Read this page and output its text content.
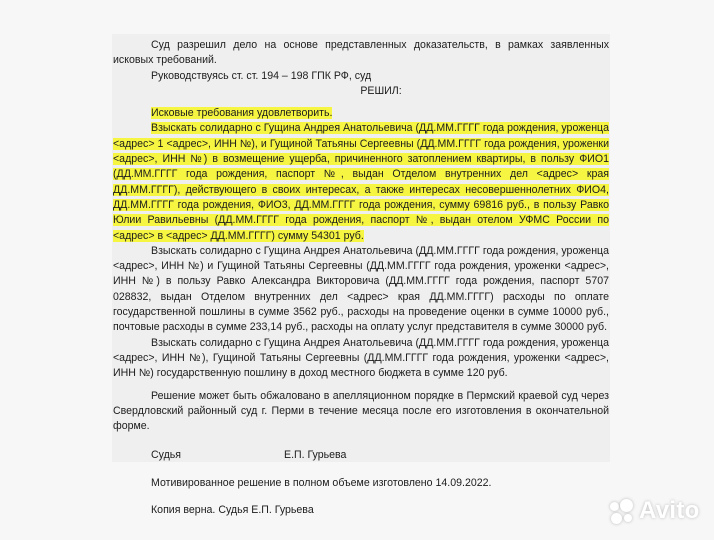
Суд разрешил дело на основе представленных доказательств, в рамках заявленных исковых требований.

Руководствуясь ст. ст. 194 – 198 ГПК РФ, суд

РЕШИЛ:

Исковые требования удовлетворить.

Взыскать солидарно с Гущина Андрея Анатольевича (ДД.ММ.ГГГГ года рождения, уроженца <адрес> 1 <адрес>, ИНН №), и Гущиной Татьяны Сергеевны (ДД.ММ.ГГГГ года рождения, уроженки <адрес>, ИНН №) в возмещение ущерба, причиненного затоплением квартиры, в пользу ФИО1 (ДД.ММ.ГГГГ года рождения, паспорт №, выдан Отделом внутренних дел <адрес> края ДД.ММ.ГГГГ), действующего в своих интересах, а также интересах несовершеннолетних ФИО4, ДД.ММ.ГГГГ года рождения, ФИО3, ДД.ММ.ГГГГ года рождения, сумму 69816 руб., в пользу Равко Юлии Равильевны (ДД.ММ.ГГГГ года рождения, паспорт №, выдан отелом УФМС России по <адрес> в <адрес> ДД.ММ.ГГГГ) сумму 54301 руб.

Взыскать солидарно с Гущина Андрея Анатольевича (ДД.ММ.ГГГГ года рождения, уроженца <адрес>, ИНН №) и Гущиной Татьяны Сергеевны (ДД.ММ.ГГГГ года рождения, уроженки <адрес>, ИНН №) в пользу Равко Александра Викторовича (ДД.ММ.ГГГГ года рождения, паспорт 5707 028832, выдан Отделом внутренних дел <адрес> края ДД.ММ.ГГГГ) расходы по оплате государственной пошлины в сумме 3562 руб., расходы на проведение оценки в сумме 10000 руб., почтовые расходы в сумме 233,14 руб., расходы на оплату услуг представителя в сумме 30000 руб.

Взыскать солидарно с Гущина Андрея Анатольевича (ДД.ММ.ГГГГ года рождения, уроженца <адрес>, ИНН №), Гущиной Татьяны Сергеевны (ДД.ММ.ГГГГ года рождения, уроженки <адрес>, ИНН №) государственную пошлину в доход местного бюджета в сумме 120 руб.

Решение может быть обжаловано в апелляционном порядке в Пермский краевой суд через Свердловский районный суд г. Перми в течение месяца после его изготовления в окончательной форме.

Судья	Е.П. Гурьева

Мотивированное решение в полном объеме изготовлено 14.09.2022.

Копия верна. Судья Е.П. Гурьева	Avito
